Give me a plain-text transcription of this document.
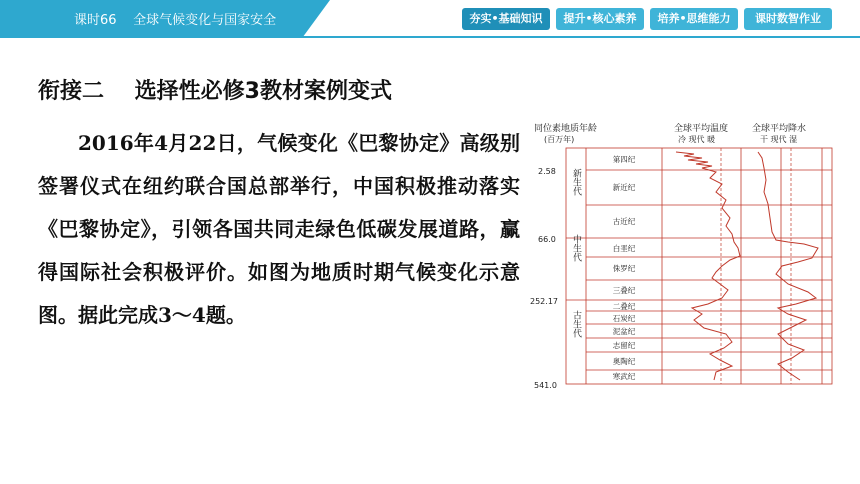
课时66    全球气候变化与国家安全	夯实•基础知识	提升•核心素养	培养•思维能力	课时数智作业
衔接二    选择性必修3教材案例变式
2016年4月22日，气候变化《巴黎协定》高级别签署仪式在纽约联合国总部举行，中国积极推动落实《巴黎协定》，引领各国共同走绿色低碳发展道路，赢得国际社会积极评价。如图为地质时期气候变化示意图。据此完成3～4题。
同位素地质年龄
(百万年)
全球平均温度
冷 现代 暖
全球平均降水
干 现代 湿
2.58
66.0
252.17
541.0
新生代
中生代
古生代
第四纪
新近纪
古近纪
白垩纪
侏罗纪
三叠纪
二叠纪
石炭纪
泥盆纪
志留纪
奥陶纪
寒武纪
